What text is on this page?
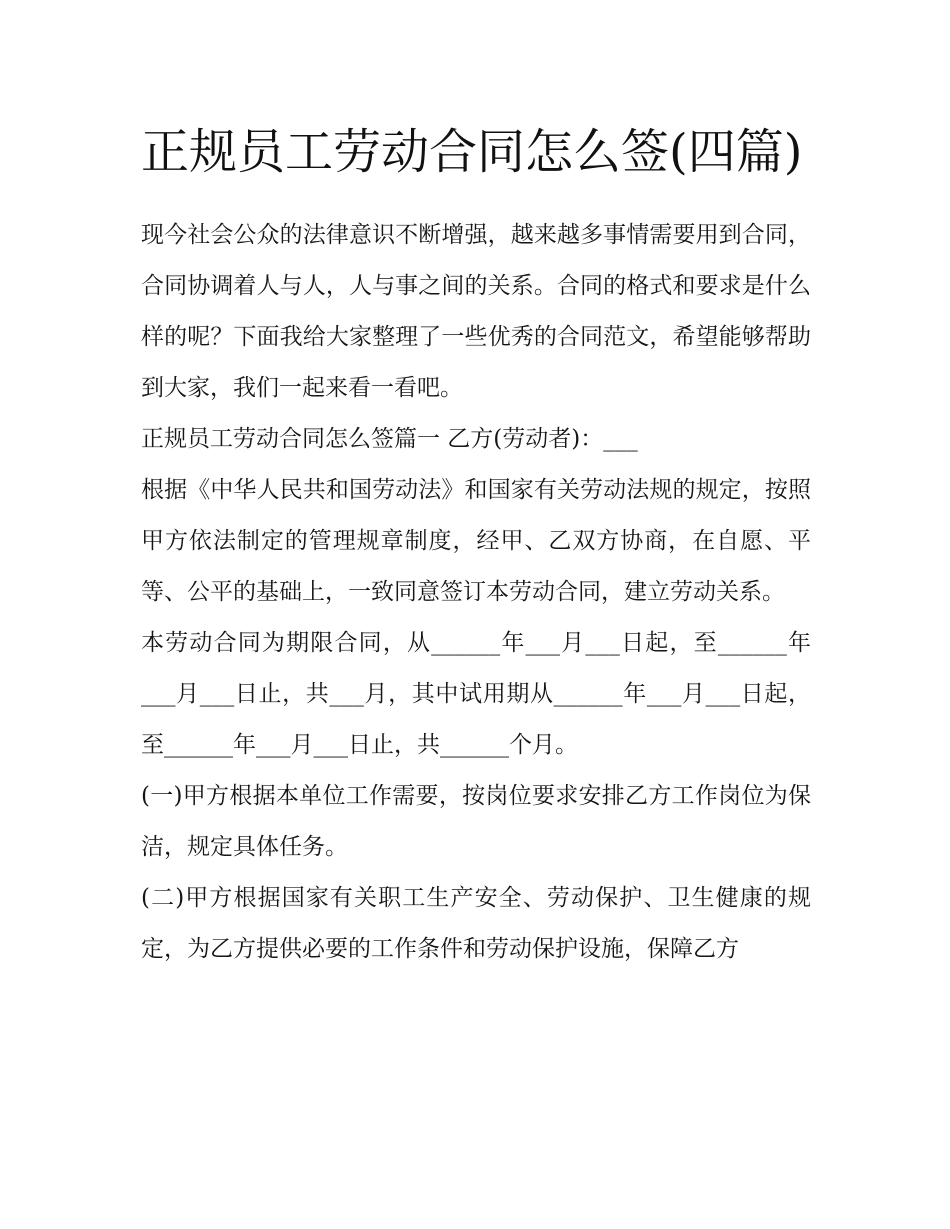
正规员工劳动合同怎么签(四篇)

现今社会公众的法律意识不断增强，越来越多事情需要用到合同，合同协调着人与人，人与事之间的关系。合同的格式和要求是什么样的呢？下面我给大家整理了一些优秀的合同范文，希望能够帮助到大家，我们一起来看一看吧。

正规员工劳动合同怎么签篇一 乙方(劳动者)：___

根据《中华人民共和国劳动法》和国家有关劳动法规的规定，按照甲方依法制定的管理规章制度，经甲、乙双方协商，在自愿、平等、公平的基础上，一致同意签订本劳动合同，建立劳动关系。

本劳动合同为期限合同，从______年___月___日起，至______年___月___日止，共___月，其中试用期从______年___月___日起，至______年___月___日止，共______个月。

(一)甲方根据本单位工作需要，按岗位要求安排乙方工作岗位为保洁，规定具体任务。

(二)甲方根据国家有关职工生产安全、劳动保护、卫生健康的规定，为乙方提供必要的工作条件和劳动保护设施，保障乙方
